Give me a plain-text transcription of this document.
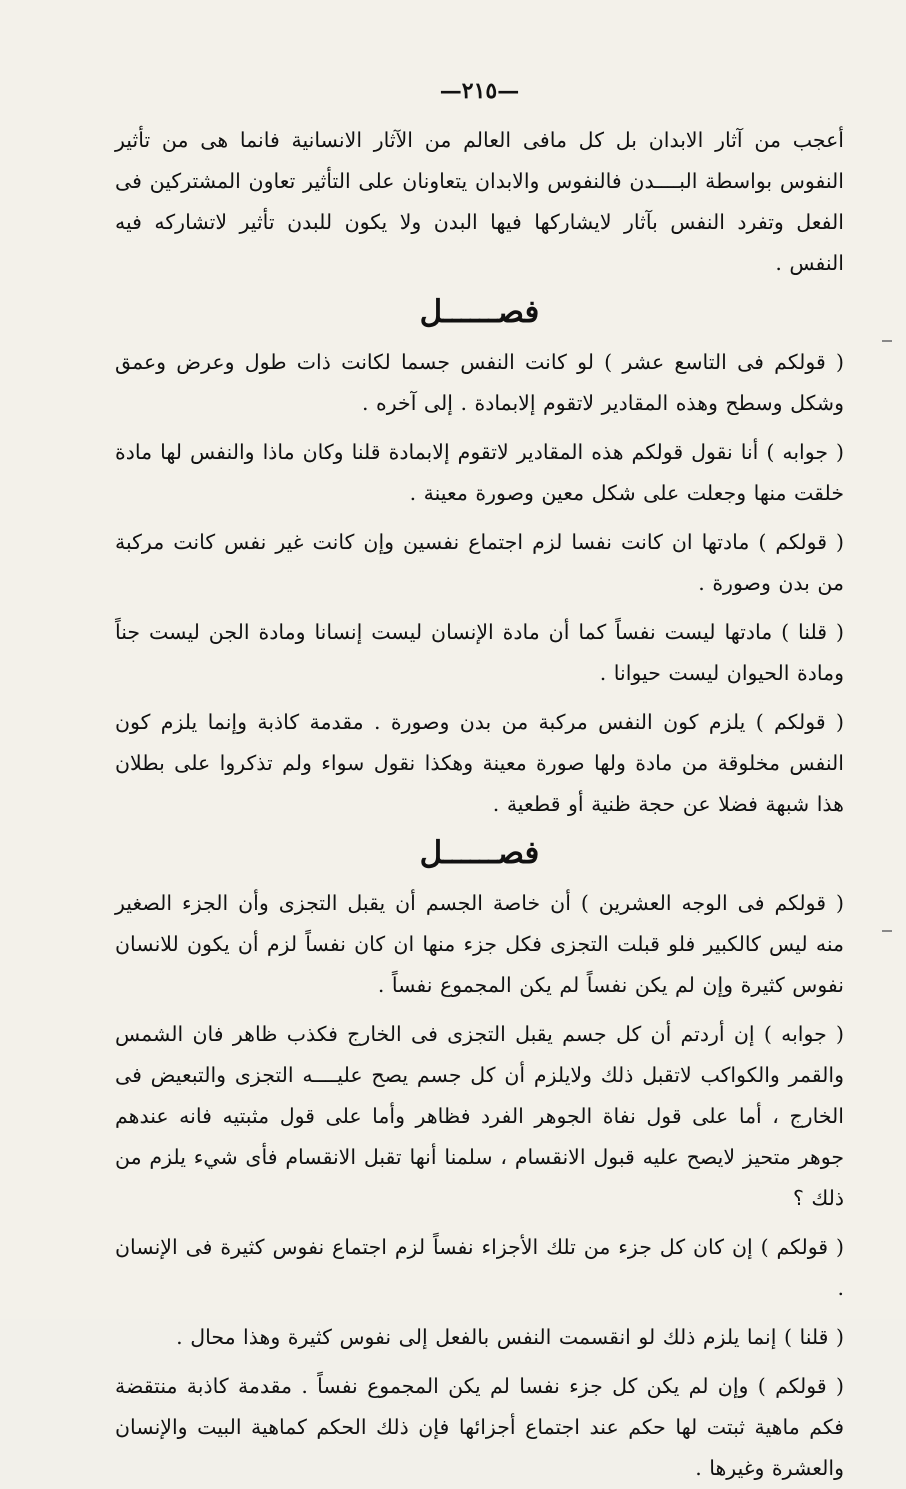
—٢١٥—

أعجب من آثار الابدان بل كل مافى العالم من الآثار الانسانية فانما هى من تأثير النفوس بواسطة البــــدن فالنفوس والابدان يتعاونان على التأثير تعاون المشتركين فى الفعل وتفرد النفس بآثار لايشاركها فيها البدن ولا يكون للبدن تأثير لاتشاركه فيه النفس .

فصــــــل

( قولكم فى التاسع عشر ) لو كانت النفس جسما لكانت ذات طول وعرض وعمق وشكل وسطح وهذه المقادير لاتقوم إلابمادة . إلى آخره .

( جوابه ) أنا نقول قولكم هذه المقادير لاتقوم إلابمادة قلنا وكان ماذا والنفس لها مادة خلقت منها وجعلت على شكل معين وصورة معينة .

( قولكم ) مادتها ان كانت نفسا لزم اجتماع نفسين وإن كانت غير نفس كانت مركبة من بدن وصورة .

( قلنا ) مادتها ليست نفساً كما أن مادة الإنسان ليست إنسانا ومادة الجن ليست جناً ومادة الحيوان ليست حيوانا .

( قولكم ) يلزم كون النفس مركبة من بدن وصورة . مقدمة كاذبة وإنما يلزم كون النفس مخلوقة من مادة ولها صورة معينة وهكذا نقول سواء ولم تذكروا على بطلان هذا شبهة فضلا عن حجة ظنية أو قطعية .

فصــــــل

( قولكم فى الوجه العشرين ) أن خاصة الجسم أن يقبل التجزى وأن الجزء الصغير منه ليس كالكبير فلو قبلت التجزى فكل جزء منها ان كان نفساً لزم أن يكون للانسان نفوس كثيرة وإن لم يكن نفساً لم يكن المجموع نفساً .

( جوابه ) إن أردتم أن كل جسم يقبل التجزى فى الخارج فكذب ظاهر فان الشمس والقمر والكواكب لاتقبل ذلك ولايلزم أن كل جسم يصح عليــــه التجزى والتبعيض فى الخارج ، أما على قول نفاة الجوهر الفرد فظاهر وأما على قول مثبتيه فانه عندهم جوهر متحيز لايصح عليه قبول الانقسام ، سلمنا أنها تقبل الانقسام فأى شيء يلزم من ذلك ؟

( قولكم ) إن كان كل جزء من تلك الأجزاء نفساً لزم اجتماع نفوس كثيرة فى الإنسان .

( قلنا ) إنما يلزم ذلك لو انقسمت النفس بالفعل إلى نفوس كثيرة وهذا محال .

( قولكم ) وإن لم يكن كل جزء نفسا لم يكن المجموع نفساً . مقدمة كاذبة منتقضة فكم ماهية ثبتت لها حكم عند اجتماع أجزائها فإن ذلك الحكم كماهية البيت والإنسان والعشرة وغيرها .
